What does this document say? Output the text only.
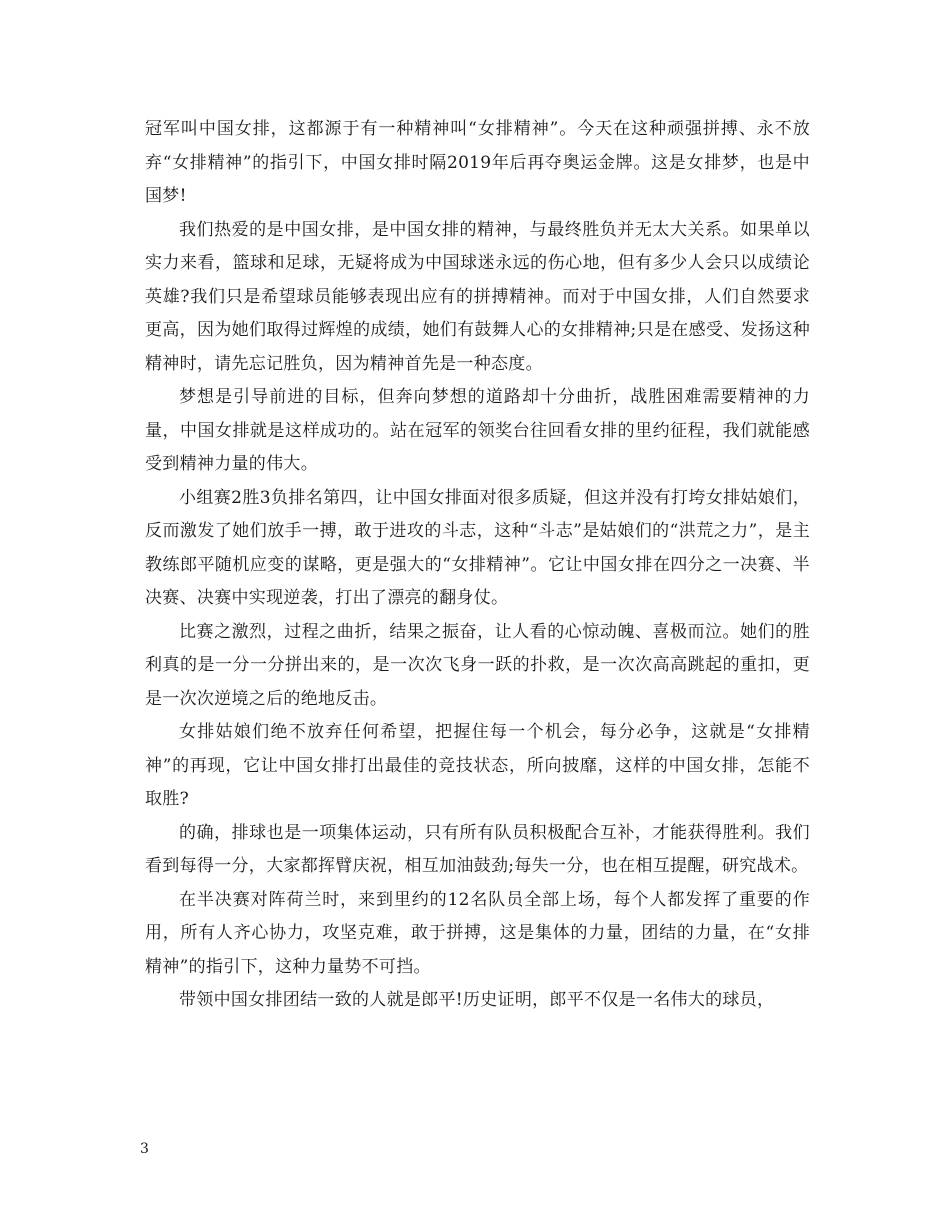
冠军叫中国女排，这都源于有一种精神叫“女排精神”。今天在这种顽强拼搏、永不放弃“女排精神”的指引下，中国女排时隔2019年后再夺奥运金牌。这是女排梦，也是中国梦!

我们热爱的是中国女排，是中国女排的精神，与最终胜负并无太大关系。如果单以实力来看，篮球和足球，无疑将成为中国球迷永远的伤心地，但有多少人会只以成绩论英雄?我们只是希望球员能够表现出应有的拼搏精神。而对于中国女排，人们自然要求更高，因为她们取得过辉煌的成绩，她们有鼓舞人心的女排精神;只是在感受、发扬这种精神时，请先忘记胜负，因为精神首先是一种态度。

梦想是引导前进的目标，但奔向梦想的道路却十分曲折，战胜困难需要精神的力量，中国女排就是这样成功的。站在冠军的领奖台往回看女排的里约征程，我们就能感受到精神力量的伟大。

小组赛2胜3负排名第四，让中国女排面对很多质疑，但这并没有打垮女排姑娘们，反而激发了她们放手一搏，敢于进攻的斗志，这种“斗志”是姑娘们的“洪荒之力”，是主教练郎平随机应变的谋略，更是强大的“女排精神”。它让中国女排在四分之一决赛、半决赛、决赛中实现逆袭，打出了漂亮的翻身仗。

比赛之激烈，过程之曲折，结果之振奋，让人看的心惊动魄、喜极而泣。她们的胜利真的是一分一分拼出来的，是一次次飞身一跃的扑救，是一次次高高跳起的重扣，更是一次次逆境之后的绝地反击。

女排姑娘们绝不放弃任何希望，把握住每一个机会，每分必争，这就是“女排精神”的再现，它让中国女排打出最佳的竞技状态，所向披靡，这样的中国女排，怎能不取胜?

的确，排球也是一项集体运动，只有所有队员积极配合互补，才能获得胜利。我们看到每得一分，大家都挥臂庆祝，相互加油鼓劲;每失一分，也在相互提醒，研究战术。

在半决赛对阵荷兰时，来到里约的12名队员全部上场，每个人都发挥了重要的作用，所有人齐心协力，攻坚克难，敢于拼搏，这是集体的力量，团结的力量，在“女排精神”的指引下，这种力量势不可挡。

带领中国女排团结一致的人就是郎平!历史证明，郎平不仅是一名伟大的球员，

3
